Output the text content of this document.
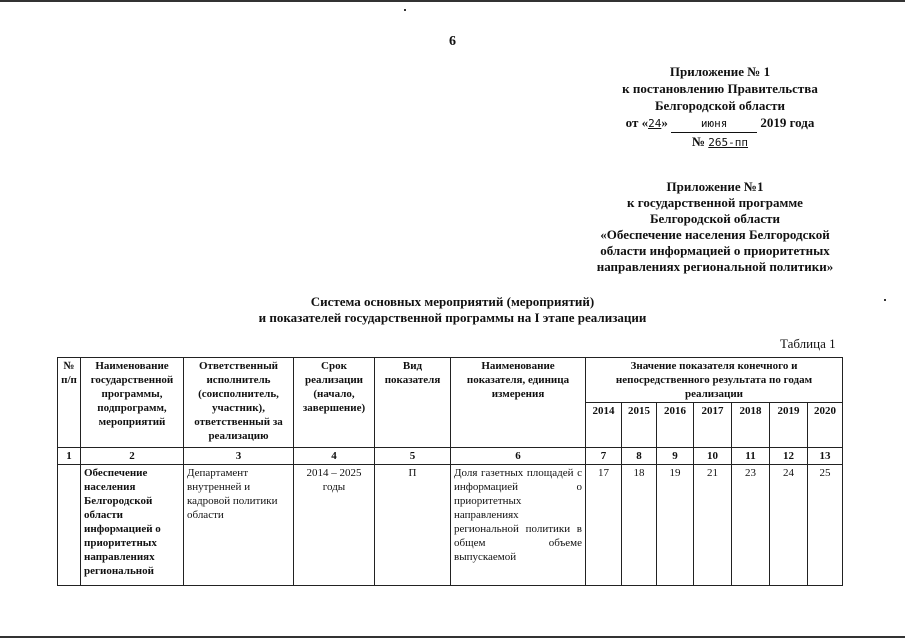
6
Приложение № 1
к постановлению Правительства
Белгородской области
от «24»	июня	2019 года
№ 265-пп
Приложение №1
к государственной программе
Белгородской области
«Обеспечение населения Белгородской
области информацией о приоритетных
направлениях региональной политики»
Система основных мероприятий (мероприятий)
и показателей государственной программы на I этапе реализации
Таблица 1
№ п/п	Наименование государственной программы, подпрограмм, мероприятий	Ответственный исполнитель (соисполнитель, участник), ответственный за реализацию	Срок реализации (начало, завершение)	Вид показателя	Наименование показателя, единица измерения	Значение показателя конечного и непосредственного результата по годам реализации						
						2014	2015	2016	2017	2018	2019	2020
1	2	3	4	5	6	7	8	9	10	11	12	13
	Обеспечение населения Белгородской области информацией о приоритетных направлениях региональной	Департамент внутренней и кадровой политики области	2014 – 2025 годы	П	Доля газетных площадей с информацией о приоритетных направлениях региональной политики в общем объеме выпускаемой	17	18	19	21	23	24	25
